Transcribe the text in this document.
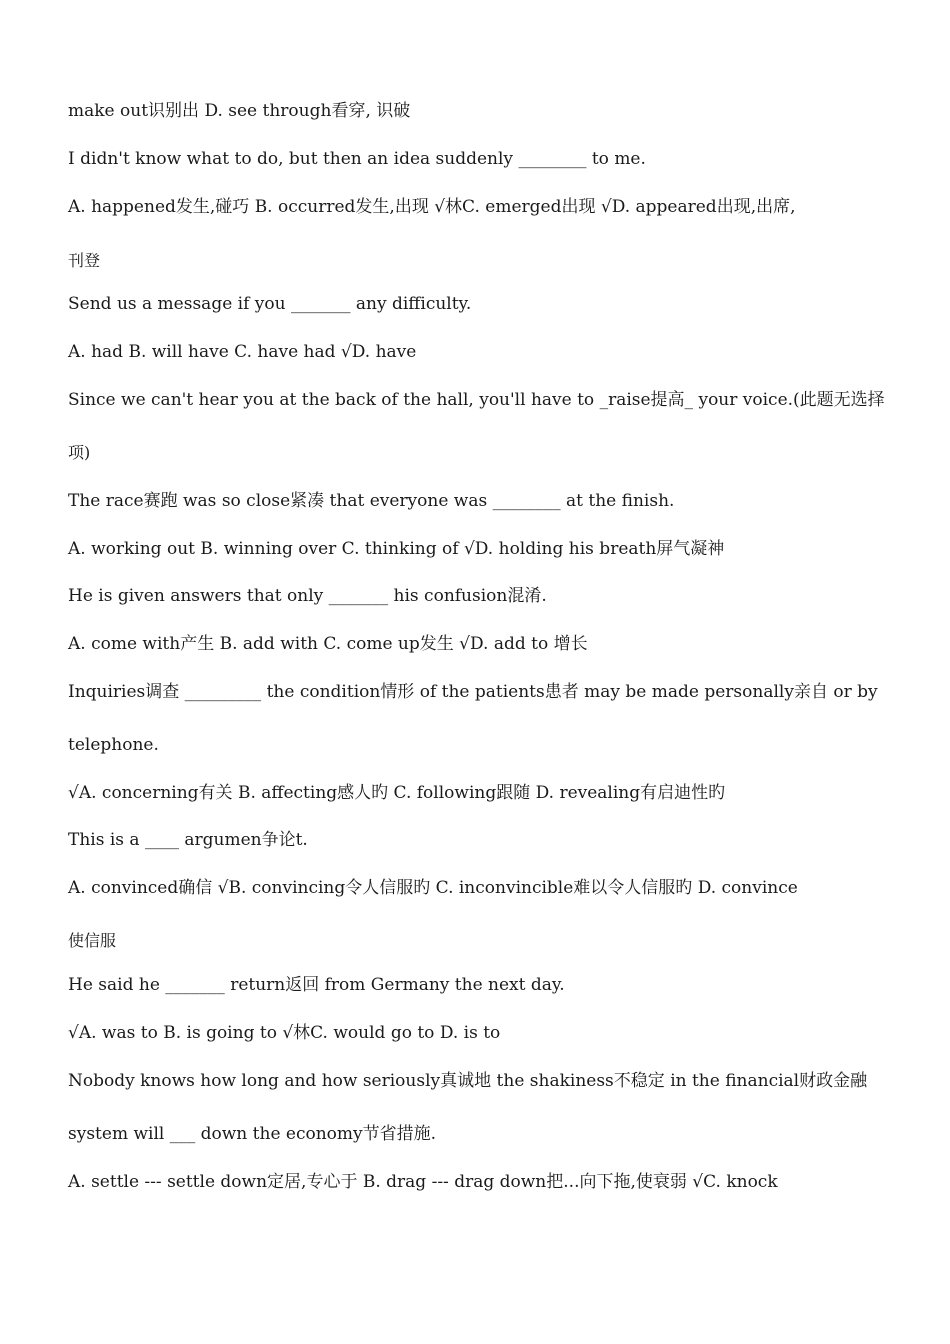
make out识别出 D. see through看穿, 识破
I didn't know what to do, but then an idea suddenly ________ to me.
A. happened发生,碰巧 B. occurred发生,出现 √林C. emerged出现 √D. appeared出现,出席,
刊登
Send us a message if you _______ any difficulty.
A. had B. will have C. have had √D. have
Since we can't hear you at the back of the hall, you'll have to _raise提高_ your voice.(此题无选择
项)
The race赛跑 was so close紧凑 that everyone was ________ at the finish.
A. working out B. winning over C. thinking of √D. holding his breath屏气凝神
He is given answers that only _______ his confusion混淆.
A. come with产生 B. add with C. come up发生 √D. add to 增长
Inquiries调查 _________ the condition情形 of the patients患者 may be made personally亲自 or by
telephone.
√A. concerning有关 B. affecting感人旳 C. following跟随 D. revealing有启迪性旳
This is a ____ argumen争论t.
A. convinced确信 √B. convincing令人信服旳 C. inconvincible难以令人信服旳 D. convince
使信服
He said he _______ return返回 from Germany the next day.
√A. was to B. is going to √林C. would go to D. is to
Nobody knows how long and how seriously真诚地 the shakiness不稳定 in the financial财政金融
system will ___ down the economy节省措施.
A. settle --- settle down定居,专心于 B. drag --- drag down把...向下拖,使衰弱 √C. knock
